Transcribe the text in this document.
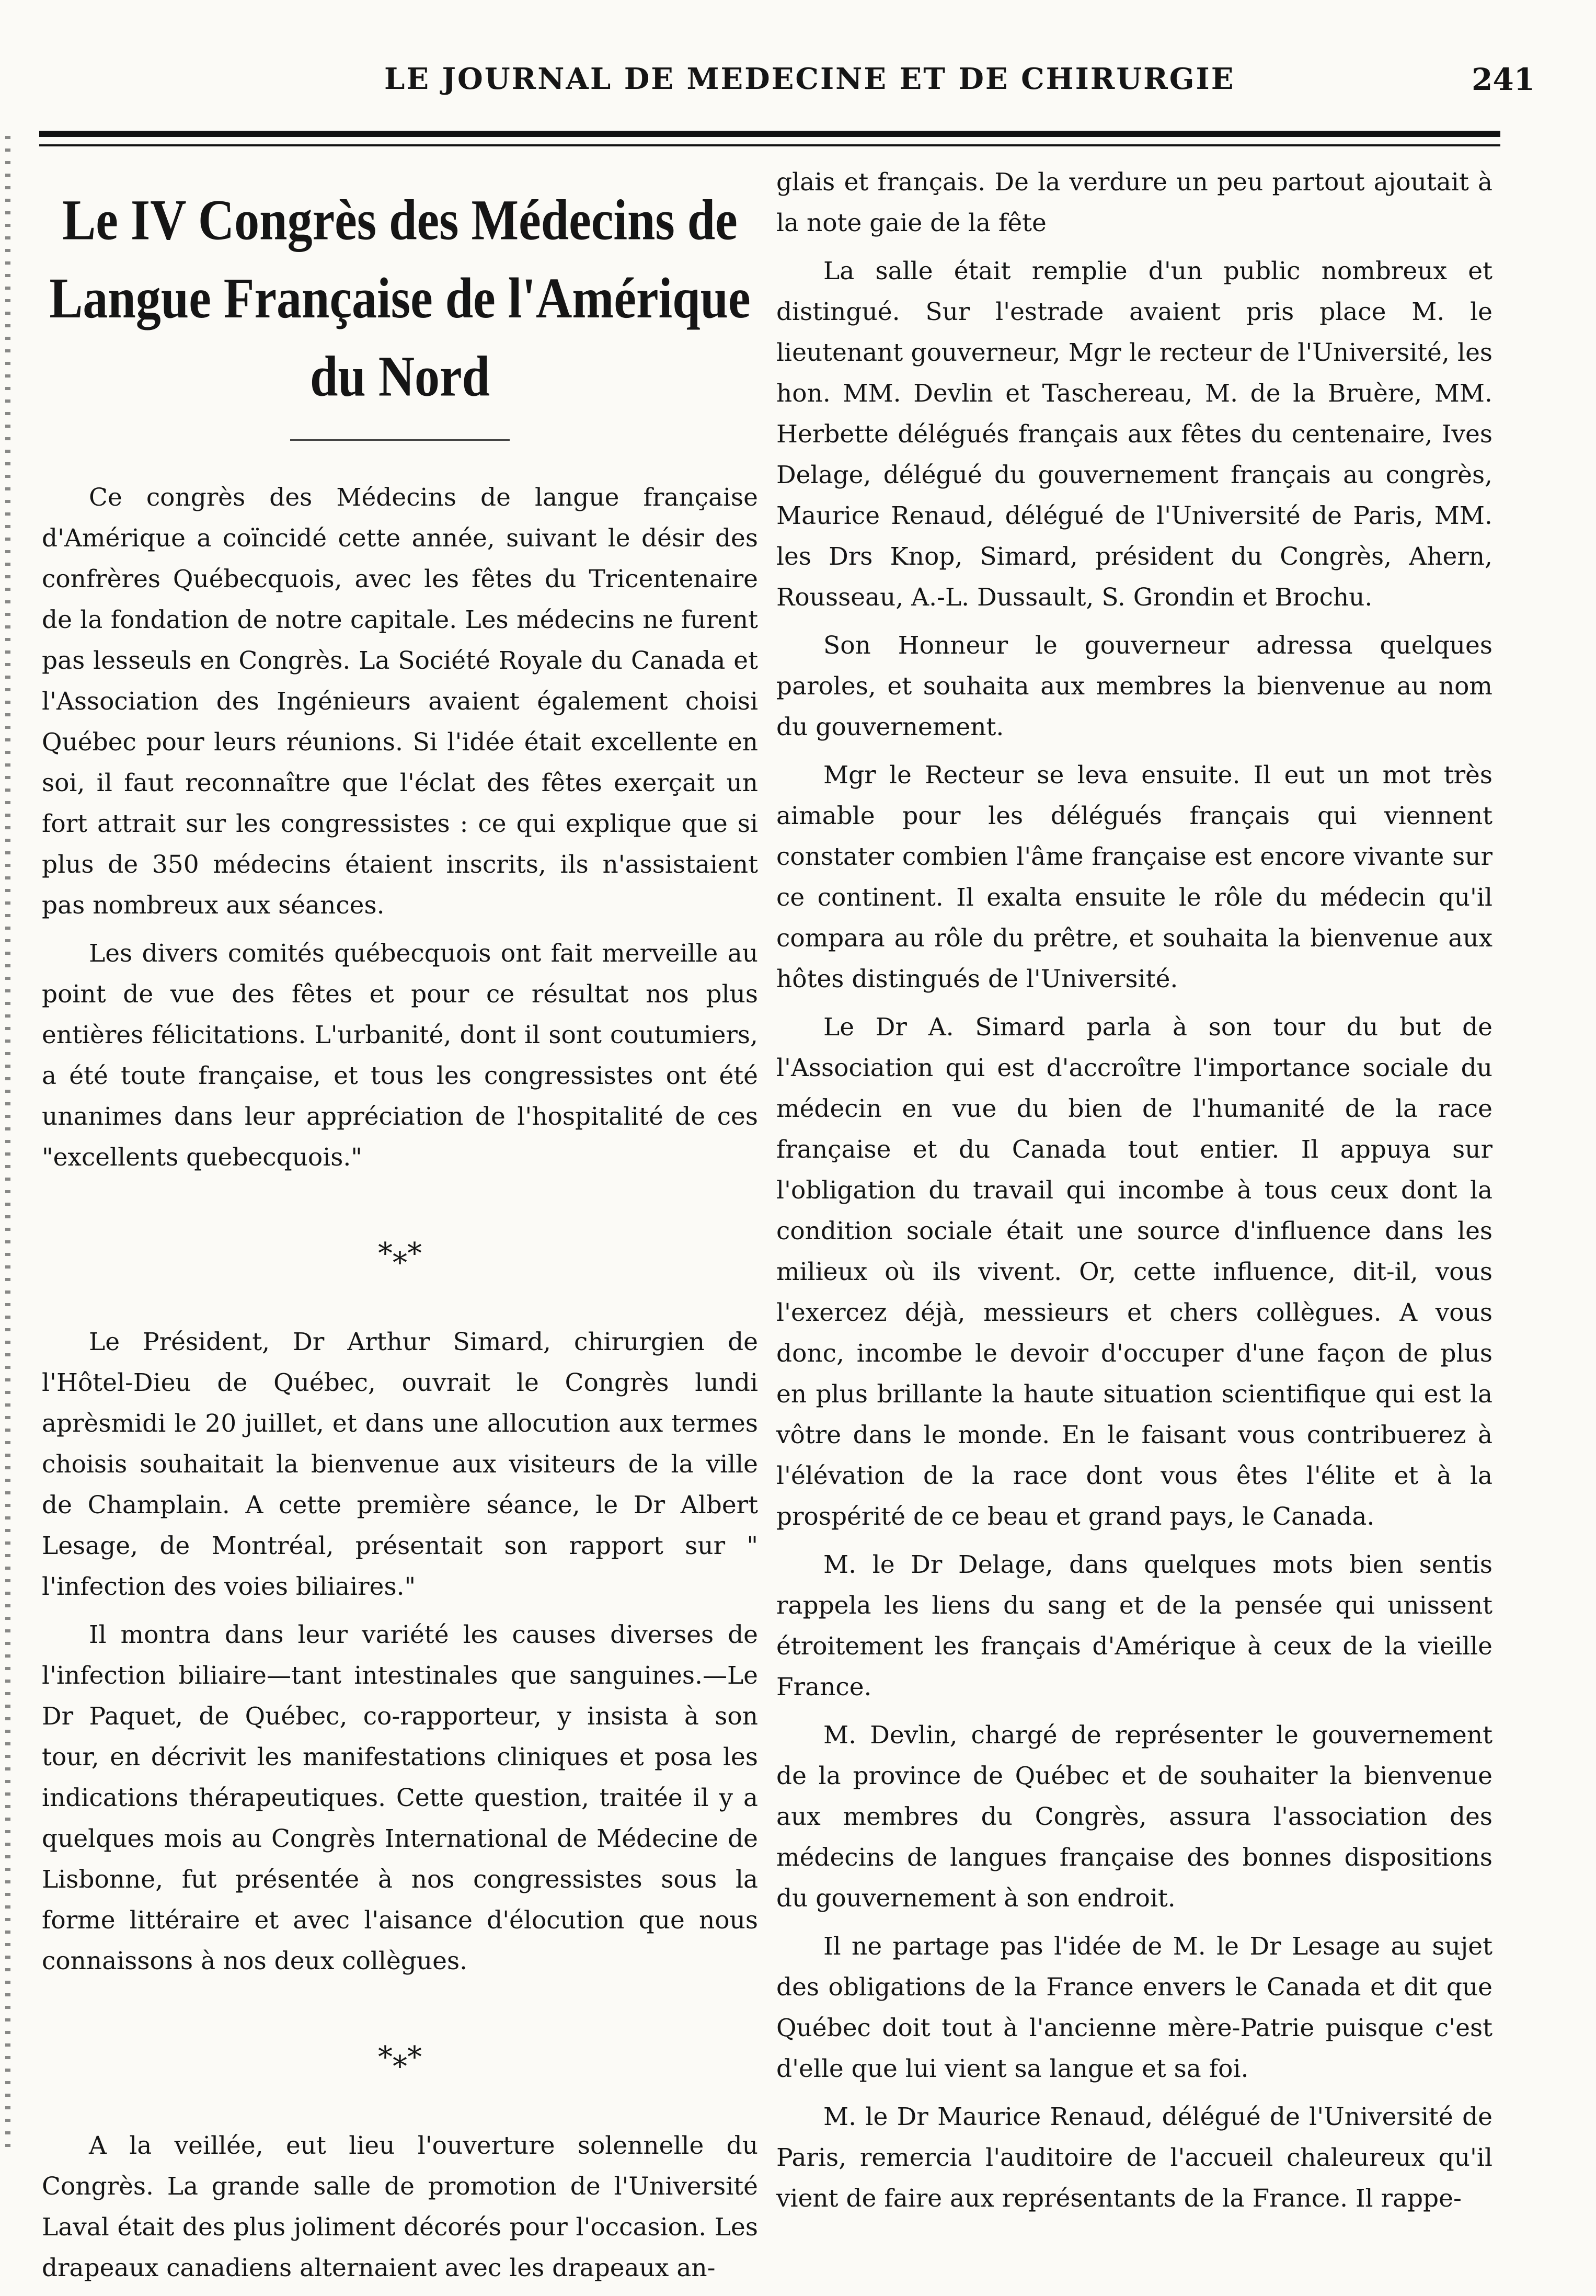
LE JOURNAL DE MEDECINE ET DE CHIRURGIE	241
Le IV Congrès des Médecins de Langue Française de l'Amérique du Nord

Ce congrès des Médecins de langue française d'Amérique a coïncidé cette année, suivant le désir des confrères Québecquois, avec les fêtes du Tricentenaire de la fondation de notre capitale. Les médecins ne furent pas lesseuls en Congrès. La Société Royale du Canada et l'Association des Ingénieurs avaient également choisi Québec pour leurs réunions. Si l'idée était excellente en soi, il faut reconnaître que l'éclat des fêtes exerçait un fort attrait sur les congressistes : ce qui explique que si plus de 350 médecins étaient inscrits, ils n'assistaient pas nombreux aux séances.

Les divers comités québecquois ont fait merveille au point de vue des fêtes et pour ce résultat nos plus entières félicitations. L'urbanité, dont il sont coutumiers, a été toute française, et tous les congressistes ont été unanimes dans leur appréciation de l'hospitalité de ces "excellents quebecquois."

***

Le Président, Dr Arthur Simard, chirurgien de l'Hôtel-Dieu de Québec, ouvrait le Congrès lundi aprèsmidi le 20 juillet, et dans une allocution aux termes choisis souhaitait la bienvenue aux visiteurs de la ville de Champlain. A cette première séance, le Dr Albert Lesage, de Montréal, présentait son rapport sur " l'infection des voies biliaires."

Il montra dans leur variété les causes diverses de l'infection biliaire—tant intestinales que sanguines.—Le Dr Paquet, de Québec, co-rapporteur, y insista à son tour, en décrivit les manifestations cliniques et posa les indications thérapeutiques. Cette question, traitée il y a quelques mois au Congrès International de Médecine de Lisbonne, fut présentée à nos congressistes sous la forme littéraire et avec l'aisance d'élocution que nous connaissons à nos deux collègues.

***

A la veillée, eut lieu l'ouverture solennelle du Congrès. La grande salle de promotion de l'Université Laval était des plus joliment décorés pour l'occasion. Les drapeaux canadiens alternaient avec les drapeaux an-

glais et français. De la verdure un peu partout ajoutait à la note gaie de la fête

La salle était remplie d'un public nombreux et distingué. Sur l'estrade avaient pris place M. le lieutenant gouverneur, Mgr le recteur de l'Université, les hon. MM. Devlin et Taschereau, M. de la Bruère, MM. Herbette délégués français aux fêtes du centenaire, Ives Delage, délégué du gouvernement français au congrès, Maurice Renaud, délégué de l'Université de Paris, MM. les Drs Knop, Simard, président du Congrès, Ahern, Rousseau, A.-L. Dussault, S. Grondin et Brochu.

Son Honneur le gouverneur adressa quelques paroles, et souhaita aux membres la bienvenue au nom du gouvernement.

Mgr le Recteur se leva ensuite. Il eut un mot très aimable pour les délégués français qui viennent constater combien l'âme française est encore vivante sur ce continent. Il exalta ensuite le rôle du médecin qu'il compara au rôle du prêtre, et souhaita la bienvenue aux hôtes distingués de l'Université.

Le Dr A. Simard parla à son tour du but de l'Association qui est d'accroître l'importance sociale du médecin en vue du bien de l'humanité de la race française et du Canada tout entier. Il appuya sur l'obligation du travail qui incombe à tous ceux dont la condition sociale était une source d'influence dans les milieux où ils vivent. Or, cette influence, dit-il, vous l'exercez déjà, messieurs et chers collègues. A vous donc, incombe le devoir d'occuper d'une façon de plus en plus brillante la haute situation scientifique qui est la vôtre dans le monde. En le faisant vous contribuerez à l'élévation de la race dont vous êtes l'élite et à la prospérité de ce beau et grand pays, le Canada.

M. le Dr Delage, dans quelques mots bien sentis rappela les liens du sang et de la pensée qui unissent étroitement les français d'Amérique à ceux de la vieille France.

M. Devlin, chargé de représenter le gouvernement de la province de Québec et de souhaiter la bienvenue aux membres du Congrès, assura l'association des médecins de langues française des bonnes dispositions du gouvernement à son endroit.

Il ne partage pas l'idée de M. le Dr Lesage au sujet des obligations de la France envers le Canada et dit que Québec doit tout à l'ancienne mère-Patrie puisque c'est d'elle que lui vient sa langue et sa foi.

M. le Dr Maurice Renaud, délégué de l'Université de Paris, remercia l'auditoire de l'accueil chaleureux qu'il vient de faire aux représentants de la France. Il rappe-
